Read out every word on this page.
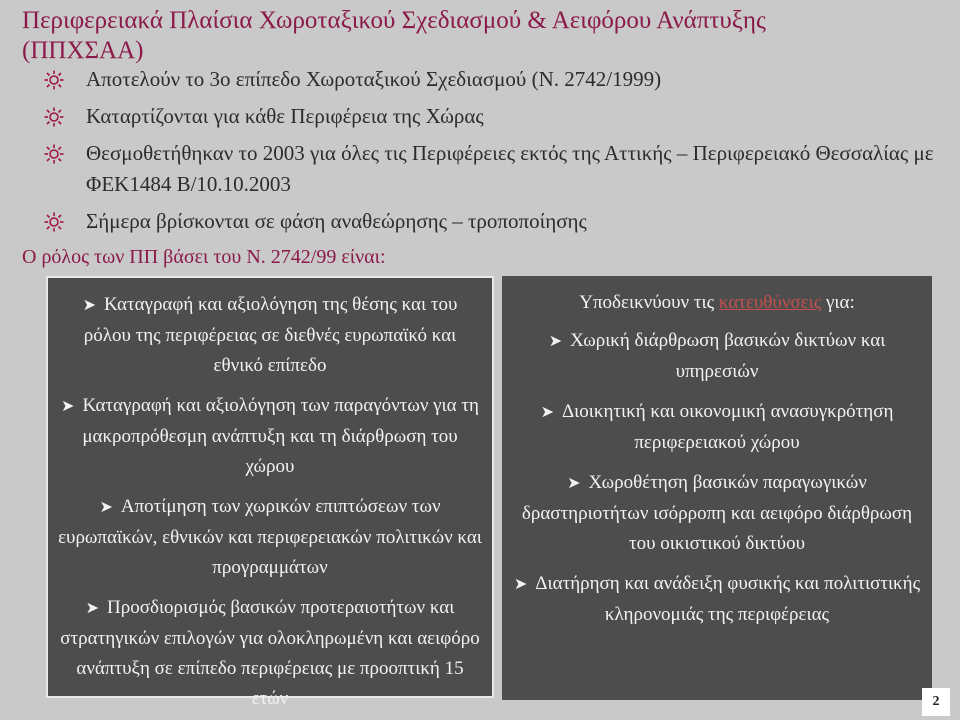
Περιφερειακά Πλαίσια Χωροταξικού Σχεδιασμού & Αειφόρου Ανάπτυξης
(ΠΠΧΣΑΑ)
Αποτελούν το 3ο επίπεδο Χωροταξικού Σχεδιασμού (Ν. 2742/1999)
Καταρτίζονται για κάθε Περιφέρεια της Χώρας
Θεσμοθετήθηκαν το 2003 για όλες τις Περιφέρειες εκτός της Αττικής – Περιφερειακό Θεσσαλίας με ΦΕΚ1484 Β/10.10.2003
Σήμερα βρίσκονται σε φάση αναθεώρησης – τροποποίησης
Ο ρόλος των ΠΠ βάσει του Ν. 2742/99 είναι:
➤ Καταγραφή και αξιολόγηση της θέσης και του ρόλου της περιφέρειας σε διεθνές ευρωπαϊκό και εθνικό επίπεδο
➤ Καταγραφή και αξιολόγηση των παραγόντων για τη μακροπρόθεσμη ανάπτυξη και τη διάρθρωση του χώρου
➤ Αποτίμηση των χωρικών επιπτώσεων των ευρωπαϊκών, εθνικών και περιφερειακών πολιτικών και προγραμμάτων
➤ Προσδιορισμός βασικών προτεραιοτήτων και στρατηγικών επιλογών για ολοκληρωμένη και αειφόρο ανάπτυξη σε επίπεδο περιφέρειας με προοπτική 15 ετών
Υποδεικνύουν τις κατευθύνσεις για:
➤ Χωρική διάρθρωση βασικών δικτύων και υπηρεσιών
➤ Διοικητική και οικονομική ανασυγκρότηση περιφερειακού χώρου
➤ Χωροθέτηση βασικών παραγωγικών δραστηριοτήτων ισόρροπη και αειφόρο διάρθρωση του οικιστικού δικτύου
➤ Διατήρηση και ανάδειξη φυσικής και πολιτιστικής κληρονομιάς της περιφέρειας
2
